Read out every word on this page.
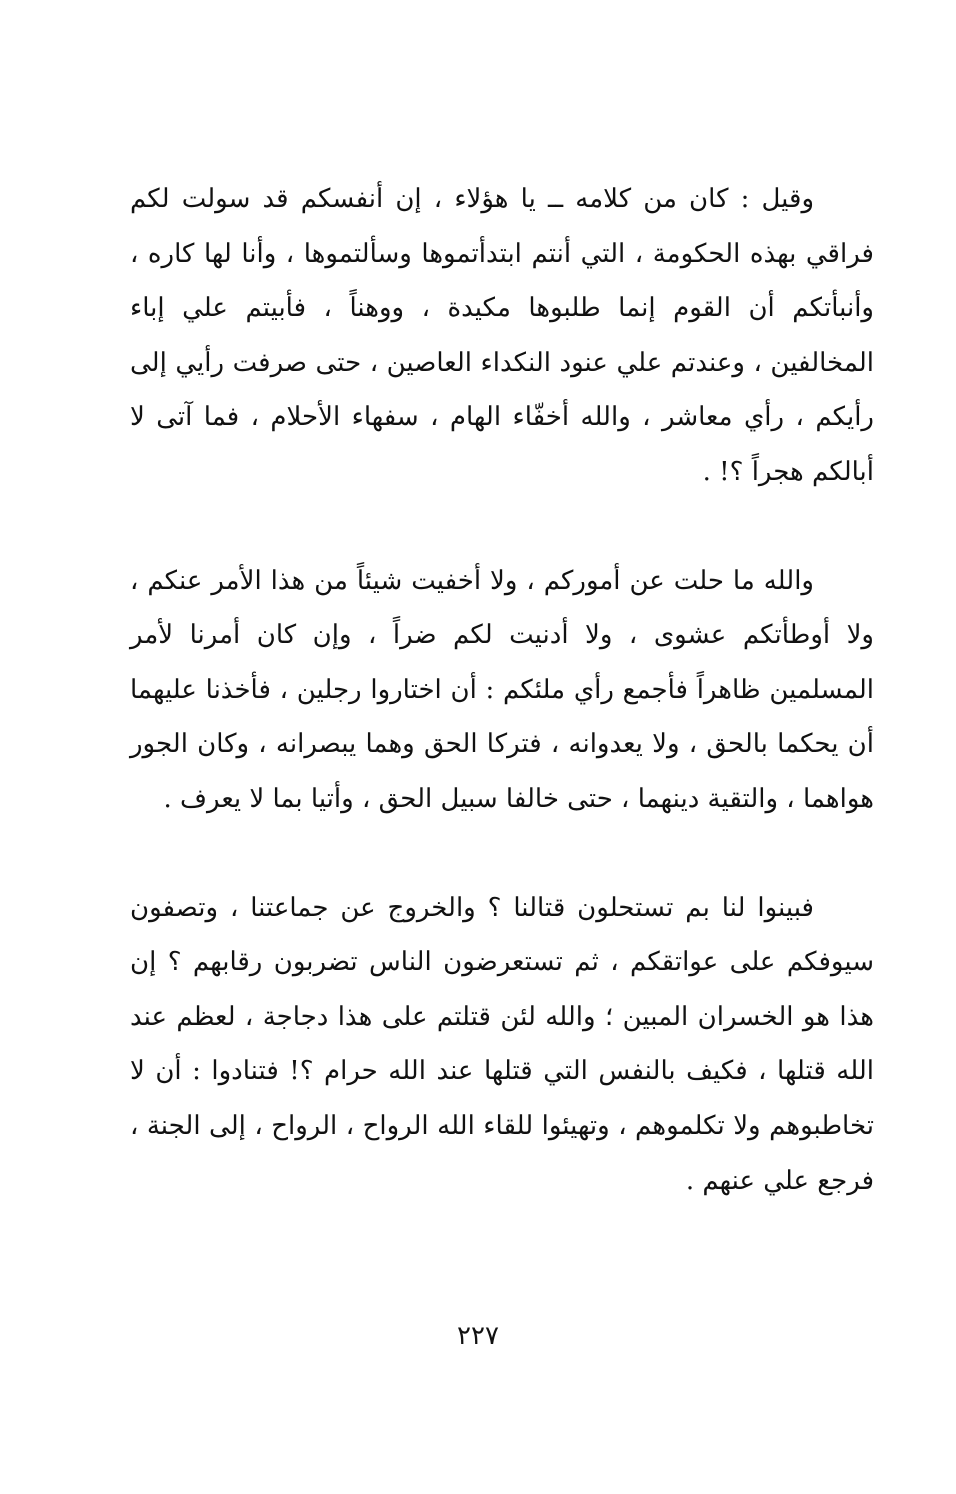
وقيل : كان من كلامه ــ يا هؤلاء ، إن أنفسكم قد سولت لكم فراقي بهذه الحكومة ، التي أنتم ابتدأتموها وسألتموها ، وأنا لها كاره ، وأنبأتكم أن القوم إنما طلبوها مكيدة ، ووهناً ، فأبيتم علي إباء المخالفين ، وعندتم علي عنود النكداء العاصين ، حتى صرفت رأيي إلى رأيكم ، رأي معاشر ، والله أخفّاء الهام ، سفهاء الأحلام ، فما آتى لا أبالكم هجراً ؟! .

والله ما حلت عن أموركم ، ولا أخفيت شيئاً من هذا الأمر عنكم ، ولا أوطأتكم عشوى ، ولا أدنيت لكم ضراً ، وإن كان أمرنا لأمر المسلمين ظاهراً فأجمع رأي ملئكم : أن اختاروا رجلين ، فأخذنا عليهما أن يحكما بالحق ، ولا يعدوانه ، فتركا الحق وهما يبصرانه ، وكان الجور هواهما ، والتقية دينهما ، حتى خالفا سبيل الحق ، وأتيا بما لا يعرف .

فبينوا لنا بم تستحلون قتالنا ؟ والخروج عن جماعتنا ، وتصفون سيوفكم على عواتقكم ، ثم تستعرضون الناس تضربون رقابهم ؟ إن هذا هو الخسران المبين ؛ والله لئن قتلتم على هذا دجاجة ، لعظم عند الله قتلها ، فكيف بالنفس التي قتلها عند الله حرام ؟! فتنادوا : أن لا تخاطبوهم ولا تكلموهم ، وتهيئوا للقاء الله الرواح ، الرواح ، إلى الجنة ، فرجع علي عنهم .

٢٢٧
